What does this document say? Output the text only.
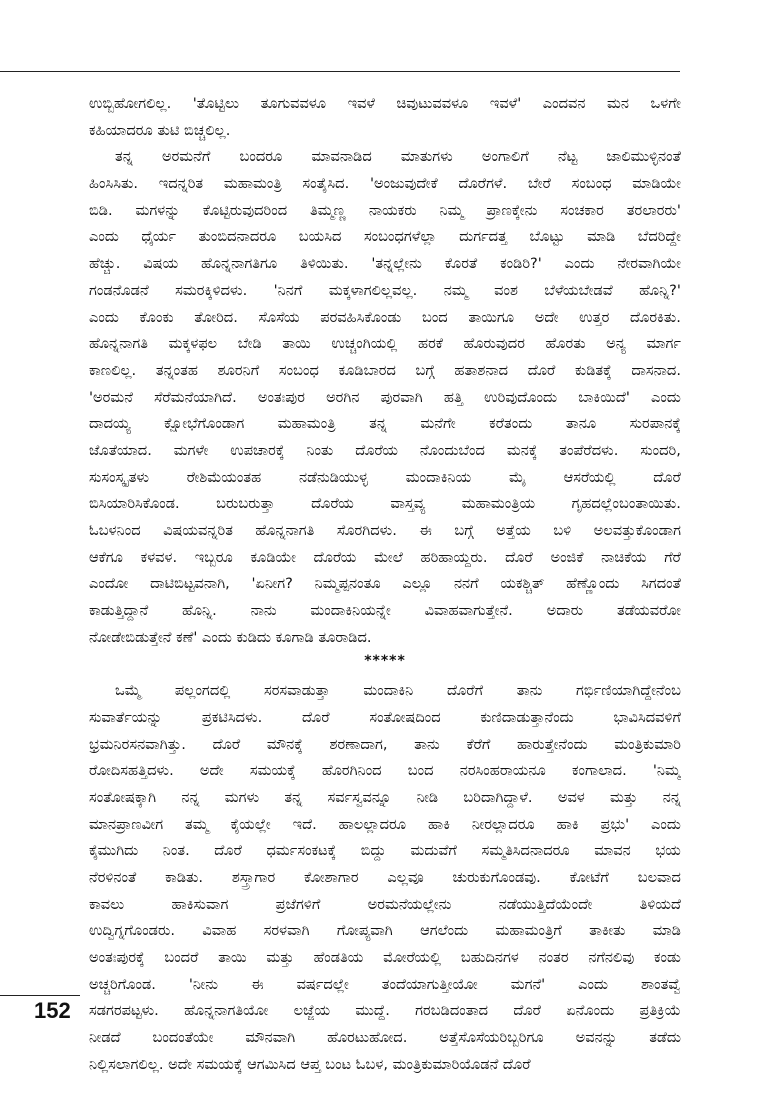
ಉಬ್ಬಿಹೋಗಲಿಲ್ಲ. 'ತೊಟ್ಟಿಲು ತೂಗುವವಳೂ ಇವಳೆ ಚಿವುಟುವವಳೂ ಇವಳೆ' ಎಂದವನ ಮನ ಒಳಗೇ
ಕಹಿಯಾದರೂ ತುಟಿ ಬಿಚ್ಚಲಿಲ್ಲ.
ತನ್ನ ಅರಮನೆಗೆ ಬಂದರೂ ಮಾವನಾಡಿದ ಮಾತುಗಳು ಅಂಗಾಲಿಗೆ ನೆಟ್ಟ ಜಾಲಿಮುಳ್ಳಿನಂತೆ
ಹಿಂಸಿಸಿತು. ಇದನ್ನರಿತ ಮಹಾಮಂತ್ರಿ ಸಂತೈಸಿದ. 'ಅಂಜುವುದೇಕೆ ದೊರೆಗಳೆ. ಬೇರೆ ಸಂಬಂಧ ಮಾಡಿಯೇ
ಬಿಡಿ. ಮಗಳನ್ನು ಕೊಟ್ಟಿರುವುದರಿಂದ ತಿಮ್ಮಣ್ಣ ನಾಯಕರು ನಿಮ್ಮ ಪ್ರಾಣಕ್ಕೇನು ಸಂಚಕಾರ ತರಲಾರರು'
ಎಂದು ಧೈರ್ಯ ತುಂಬಿದನಾದರೂ ಬಯಸಿದ ಸಂಬಂಧಗಳೆಲ್ಲಾ ದುರ್ಗದತ್ತ ಬೊಟ್ಟು ಮಾಡಿ ಬೆದರಿದ್ದೇ
ಹೆಚ್ಚು. ವಿಷಯ ಹೊನ್ನನಾಗತಿಗೂ ತಿಳಿಯಿತು. 'ತನ್ನಲ್ಲೇನು ಕೊರತೆ ಕಂಡಿರಿ?' ಎಂದು ನೇರವಾಗಿಯೇ
ಗಂಡನೊಡನೆ ಸಮರಕ್ಕಿಳಿದಳು. 'ನಿನಗೆ ಮಕ್ಕಳಾಗಲಿಲ್ಲವಲ್ಲ. ನಮ್ಮ ವಂಶ ಬೆಳೆಯಬೇಡವೆ ಹೊನ್ನಿ?'
ಎಂದು ಕೊಂಕು ತೋರಿದ. ಸೊಸೆಯ ಪರವಹಿಸಿಕೊಂಡು ಬಂದ ತಾಯಿಗೂ ಅದೇ ಉತ್ತರ ದೊರಕಿತು.
ಹೊನ್ನನಾಗತಿ ಮಕ್ಕಳಫಲ ಬೇಡಿ ತಾಯಿ ಉಚ್ಚಂಗಿಯಲ್ಲಿ ಹರಕೆ ಹೊರುವುದರ ಹೊರತು ಅನ್ಯ ಮಾರ್ಗ
ಕಾಣಲಿಲ್ಲ. ತನ್ನಂತಹ ಶೂರನಿಗೆ ಸಂಬಂಧ ಕೂಡಿಬಾರದ ಬಗ್ಗೆ ಹತಾಶನಾದ ದೊರೆ ಕುಡಿತಕ್ಕೆ ದಾಸನಾದ.
'ಅರಮನೆ ಸೆರೆಮನೆಯಾಗಿದೆ. ಅಂತಃಪುರ ಅರಗಿನ ಪುರವಾಗಿ ಹತ್ತಿ ಉರಿವುದೊಂದು ಬಾಕಿಯಿದೆ' ಎಂದು
ದಾದಯ್ಯ ಕ್ಷೋಭೆಗೊಂಡಾಗ ಮಹಾಮಂತ್ರಿ ತನ್ನ ಮನೆಗೇ ಕರೆತಂದು ತಾನೂ ಸುರಪಾನಕ್ಕೆ
ಜೊತೆಯಾದ. ಮಗಳೇ ಉಪಚಾರಕ್ಕೆ ನಿಂತು ದೊರೆಯ ನೊಂದುಬೆಂದ ಮನಕ್ಕೆ ತಂಪೆರೆದಳು. ಸುಂದರಿ,
ಸುಸಂಸ್ಕೃತಳು	ರೇಶಿಮೆಯಂತಹ	ನಡೆನುಡಿಯುಳ್ಳ	ಮಂದಾಕಿನಿಯ	ಮೈ	ಆಸರೆಯಲ್ಲಿ	ದೊರೆ
ಬಿಸಿಯಾರಿಸಿಕೊಂಡ. ಬರುಬರುತ್ತಾ ದೊರೆಯ ವಾಸ್ತವ್ಯ ಮಹಾಮಂತ್ರಿಯ ಗೃಹದಲ್ಲೆಂಬಂತಾಯಿತು.
ಓಬಳನಿಂದ ವಿಷಯವನ್ನರಿತ ಹೊನ್ನನಾಗತಿ ಸೊರಗಿದಳು. ಈ ಬಗ್ಗೆ ಅತ್ತೆಯ ಬಳಿ ಅಲವತ್ತುಕೊಂಡಾಗ
ಆಕೆಗೂ ಕಳವಳ. ಇಬ್ಬರೂ ಕೂಡಿಯೇ ದೊರೆಯ ಮೇಲೆ ಹರಿಹಾಯ್ದರು. ದೊರೆ ಅಂಜಿಕೆ ನಾಚಿಕೆಯ ಗೆರೆ
ಎಂದೋ ದಾಟಿಬಿಟ್ಟವನಾಗಿ, 'ಏನೀಗ? ನಿಮ್ಮಪ್ಪನಂತೂ ಎಲ್ಲೂ ನನಗೆ ಯಕಶ್ಚಿತ್ ಹೆಣ್ಣೊಂದು ಸಿಗದಂತೆ
ಕಾಡುತ್ತಿದ್ದಾನೆ ಹೊನ್ನಿ. ನಾನು ಮಂದಾಕಿನಿಯನ್ನೇ ವಿವಾಹವಾಗುತ್ತೇನೆ. ಅದಾರು ತಡೆಯವರೋ
ನೋಡೇಬಿಡುತ್ತೇನೆ ಕಣೆ' ಎಂದು ಕುಡಿದು ಕೂಗಾಡಿ ತೂರಾಡಿದ.
*****
ಒಮ್ಮೆ ಪಲ್ಲಂಗದಲ್ಲಿ ಸರಸವಾಡುತ್ತಾ ಮಂದಾಕಿನಿ ದೊರೆಗೆ ತಾನು ಗರ್ಭಿಣಿಯಾಗಿದ್ದೇನೆಂಬ
ಸುವಾರ್ತೆಯನ್ನು	ಪ್ರಕಟಿಸಿದಳು.	ದೊರೆ	ಸಂತೋಷದಿಂದ	ಕುಣಿದಾಡುತ್ತಾನೆಂದು	ಭಾವಿಸಿದವಳಿಗೆ
ಭ್ರಮನಿರಸನವಾಗಿತ್ತು. ದೊರೆ ಮೌನಕ್ಕೆ ಶರಣಾದಾಗ, ತಾನು ಕೆರೆಗೆ ಹಾರುತ್ತೇನೆಂದು ಮಂತ್ರಿಕುಮಾರಿ
ರೋದಿಸಹತ್ತಿದಳು. ಅದೇ ಸಮಯಕ್ಕೆ ಹೊರಗಿನಿಂದ ಬಂದ ನರಸಿಂಹರಾಯನೂ ಕಂಗಾಲಾದ. 'ನಿಮ್ಮ
ಸಂತೋಷಕ್ಕಾಗಿ ನನ್ನ ಮಗಳು ತನ್ನ ಸರ್ವಸ್ವವನ್ನೂ ನೀಡಿ ಬರಿದಾಗಿದ್ದಾಳೆ. ಅವಳ ಮತ್ತು ನನ್ನ
ಮಾನಪ್ರಾಣವೀಗ ತಮ್ಮ ಕೈಯಲ್ಲೇ ಇದೆ. ಹಾಲಲ್ಲಾದರೂ ಹಾಕಿ ನೀರಲ್ಲಾದರೂ ಹಾಕಿ ಪ್ರಭು' ಎಂದು
ಕೈಮುಗಿದು ನಿಂತ. ದೊರೆ ಧರ್ಮಸಂಕಟಕ್ಕೆ ಬಿದ್ದು ಮದುವೆಗೆ ಸಮ್ಮತಿಸಿದನಾದರೂ ಮಾವನ ಭಯ
ನೆರಳಿನಂತೆ ಕಾಡಿತು. ಶಸ್ತ್ರಾಗಾರ ಕೋಶಾಗಾರ ಎಲ್ಲವೂ ಚುರುಕುಗೊಂಡವು. ಕೋಟೆಗೆ ಬಲವಾದ
ಕಾವಲು	ಹಾಕಿಸುವಾಗ	ಪ್ರಜೆಗಳಿಗೆ	ಅರಮನೆಯಲ್ಲೇನು	ನಡೆಯುತ್ತಿದೆಯೆಂದೇ	ತಿಳಿಯದೆ
ಉದ್ವಿಗ್ನಗೊಂಡರು. ವಿವಾಹ ಸರಳವಾಗಿ ಗೋಪ್ಯವಾಗಿ ಆಗಲೆಂದು ಮಹಾಮಂತ್ರಿಗೆ ತಾಕೀತು ಮಾಡಿ
ಅಂತಃಪುರಕ್ಕೆ ಬಂದರೆ ತಾಯಿ ಮತ್ತು ಹೆಂಡತಿಯ ಮೋರೆಯಲ್ಲಿ ಬಹುದಿನಗಳ ನಂತರ ನಗೆನಲಿವು ಕಂಡು
ಅಚ್ಚರಿಗೊಂಡ. 'ನೀನು ಈ ವರ್ಷದಲ್ಲೇ ತಂದೆಯಾಗುತ್ತೀಯೋ ಮಗನೆ' ಎಂದು ಶಾಂತವ್ವೆ
ಸಡಗರಪಟ್ಟಳು. ಹೊನ್ನನಾಗತಿಯೋ ಲಜ್ಜೆಯ ಮುದ್ದೆ. ಗರಬಡಿದಂತಾದ ದೊರೆ ಏನೊಂದು ಪ್ರತಿಕ್ರಿಯೆ
ನೀಡದೆ ಬಂದಂತೆಯೇ ಮೌನವಾಗಿ ಹೊರಟುಹೋದ. ಅತ್ತೆಸೊಸೆಯರಿಬ್ಬರಿಗೂ ಅವನನ್ನು ತಡೆದು
ನಿಲ್ಲಿಸಲಾಗಲಿಲ್ಲ. ಅದೇ ಸಮಯಕ್ಕೆ ಆಗಮಿಸಿದ ಆಪ್ತ ಬಂಟ ಓಬಳ, ಮಂತ್ರಿಕುಮಾರಿಯೊಡನೆ ದೊರೆ
152
